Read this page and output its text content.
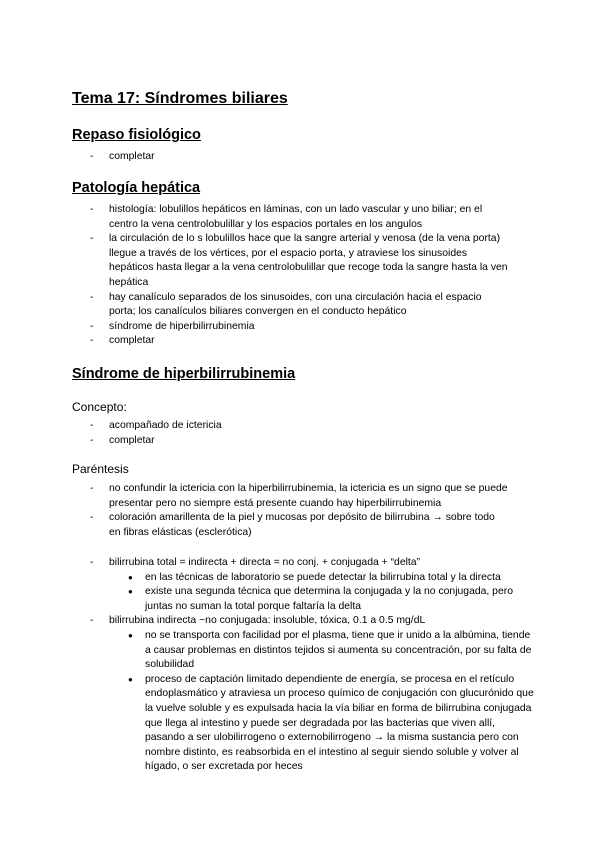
Tema 17: Síndromes biliares
Repaso fisiológico
- completar
Patología hepática
- histología: lobulillos hepáticos en láminas, con un lado vascular y uno biliar; en el centro la vena centrolobulillar y los espacios portales en los angulos
- la circulación de lo s lobulillos hace que la sangre arterial y venosa (de la vena porta) llegue a través de los vértices, por el espacio porta, y atraviese los sinusoides hepáticos hasta llegar a la vena centrolobulillar que recoge toda la sangre hasta la ven hepática
- hay canalículo separados de los sinusoides, con una circulación hacia el espacio porta; los canalículos biliares convergen en el conducto hepático
- síndrome de hiperbilirrubinemia
- completar
Síndrome de hiperbilirrubinemia

Concepto:

- acompañado de ictericia
- completar

Paréntesis

- no confundir la ictericia con la hiperbilirrubinemia, la ictericia es un signo que se puede presentar pero no siempre está presente cuando hay hiperbilirrubinemia
- coloración amarillenta de la piel y mucosas por depósito de bilirrubina → sobre todo en fibras elásticas (esclerótica)
- bilirrubina total = indirecta + directa = no conj. + conjugada + “delta”
● en las técnicas de laboratorio se puede detectar la bilirrubina total y la directa
● existe una segunda técnica que determina la conjugada y la no conjugada, pero juntas no suman la total porque faltaría la delta
- bilirrubina indirecta ~no conjugada: insoluble, tóxica, 0.1 a 0.5 mg/dL
● no se transporta con facilidad por el plasma, tiene que ir unido a la albúmina, tiende a causar problemas en distintos tejidos si aumenta su concentración, por su falta de solubilidad
● proceso de captación limitado dependiente de energía, se procesa en el retículo endoplasmático y atraviesa un proceso químico de conjugación con glucurónido que la vuelve soluble y es expulsada hacia la vía biliar en forma de bilirrubina conjugada que llega al intestino y puede ser degradada por las bacterias que viven allí, pasando a ser ulobilirrogeno o externobilirrogeno → la misma sustancia pero con nombre distinto, es reabsorbida en el intestino al seguir siendo soluble y volver al hígado, o ser excretada por heces
